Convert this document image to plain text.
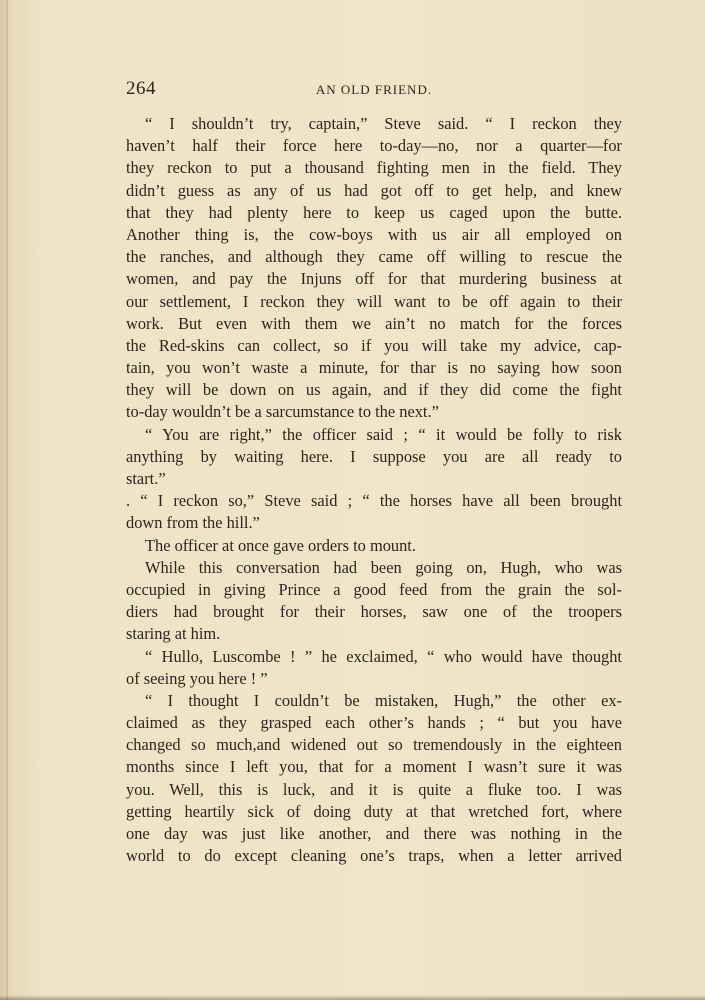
264	AN OLD FRIEND.
“ I shouldn’t try, captain,” Steve said. “ I reckon they
haven’t half their force here to-day—no, nor a quarter—for
they reckon to put a thousand fighting men in the field. They
didn’t guess as any of us had got off to get help, and knew
that they had plenty here to keep us caged upon the butte.
Another thing is, the cow-boys with us air all employed on
the ranches, and although they came off willing to rescue the
women, and pay the Injuns off for that murdering business at
our settlement, I reckon they will want to be off again to their
work. But even with them we ain’t no match for the forces
the Red-skins can collect, so if you will take my advice, cap-
tain, you won’t waste a minute, for thar is no saying how soon
they will be down on us again, and if they did come the fight
to-day wouldn’t be a sarcumstance to the next.”
“ You are right,” the officer said ; “ it would be folly to risk
anything by waiting here. I suppose you are all ready to
start.”
. “ I reckon so,” Steve said ; “ the horses have all been brought
down from the hill.”
The officer at once gave orders to mount.
While this conversation had been going on, Hugh, who was
occupied in giving Prince a good feed from the grain the sol-
diers had brought for their horses, saw one of the troopers
staring at him.
“ Hullo, Luscombe ! ” he exclaimed, “ who would have thought
of seeing you here ! ”
“ I thought I couldn’t be mistaken, Hugh,” the other ex-
claimed as they grasped each other’s hands ; “ but you have
changed so much,and widened out so tremendously in the eighteen
months since I left you, that for a moment I wasn’t sure it was
you. Well, this is luck, and it is quite a fluke too. I was
getting heartily sick of doing duty at that wretched fort, where
one day was just like another, and there was nothing in the
world to do except cleaning one’s traps, when a letter arrived
